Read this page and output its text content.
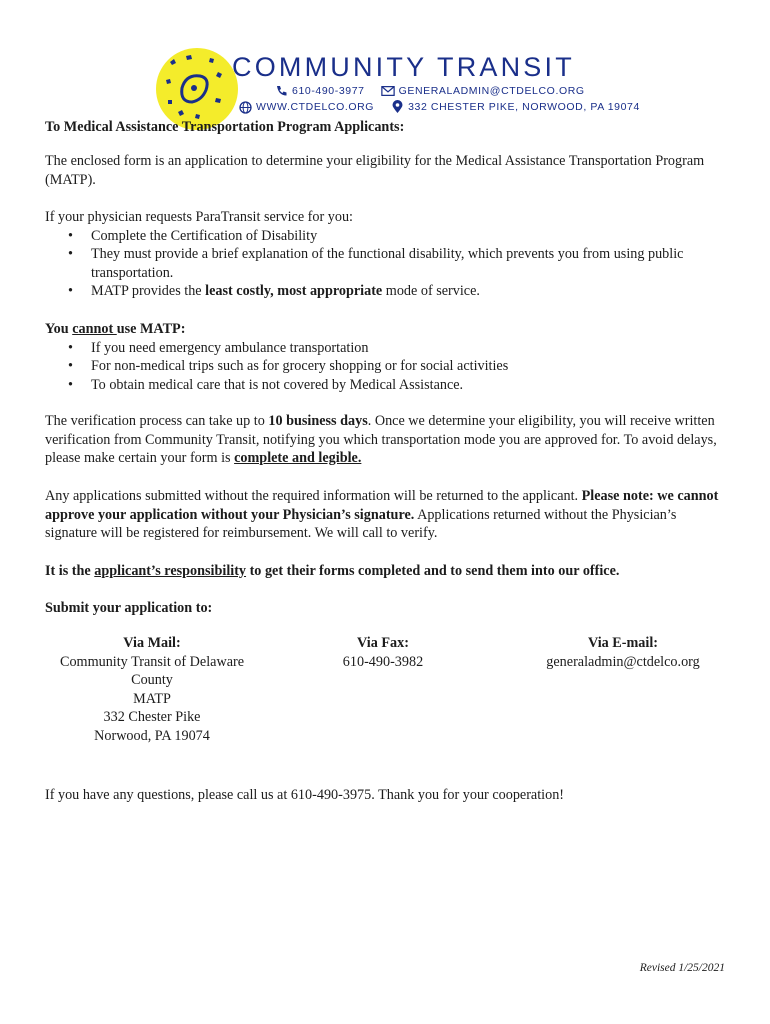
COMMUNITY TRANSIT
610-490-3977	GENERALADMIN@CTDELCO.ORG
WWW.CTDELCO.ORG	332 CHESTER PIKE, NORWOOD, PA 19074

To Medical Assistance Transportation Program Applicants:

The enclosed form is an application to determine your eligibility for the Medical Assistance Transportation Program (MATP).

If your physician requests ParaTransit service for you:

• Complete the Certification of Disability
• They must provide a brief explanation of the functional disability, which prevents you from using public transportation.
• MATP provides the least costly, most appropriate mode of service.

You cannot use MATP:

• If you need emergency ambulance transportation
• For non-medical trips such as for grocery shopping or for social activities
• To obtain medical care that is not covered by Medical Assistance.

The verification process can take up to 10 business days. Once we determine your eligibility, you will receive written verification from Community Transit, notifying you which transportation mode you are approved for. To avoid delays, please make certain your form is complete and legible.

Any applications submitted without the required information will be returned to the applicant. Please note: we cannot approve your application without your Physician’s signature. Applications returned without the Physician’s signature will be registered for reimbursement. We will call to verify.

It is the applicant’s responsibility to get their forms completed and to send them into our office.

Submit your application to:

Via Mail:
Community Transit of Delaware
County
MATP
332 Chester Pike
Norwood, PA 19074
Via Fax:
610-490-3982
Via E-mail:
generaladmin@ctdelco.org

If you have any questions, please call us at 610-490-3975. Thank you for your cooperation!

Revised 1/25/2021
